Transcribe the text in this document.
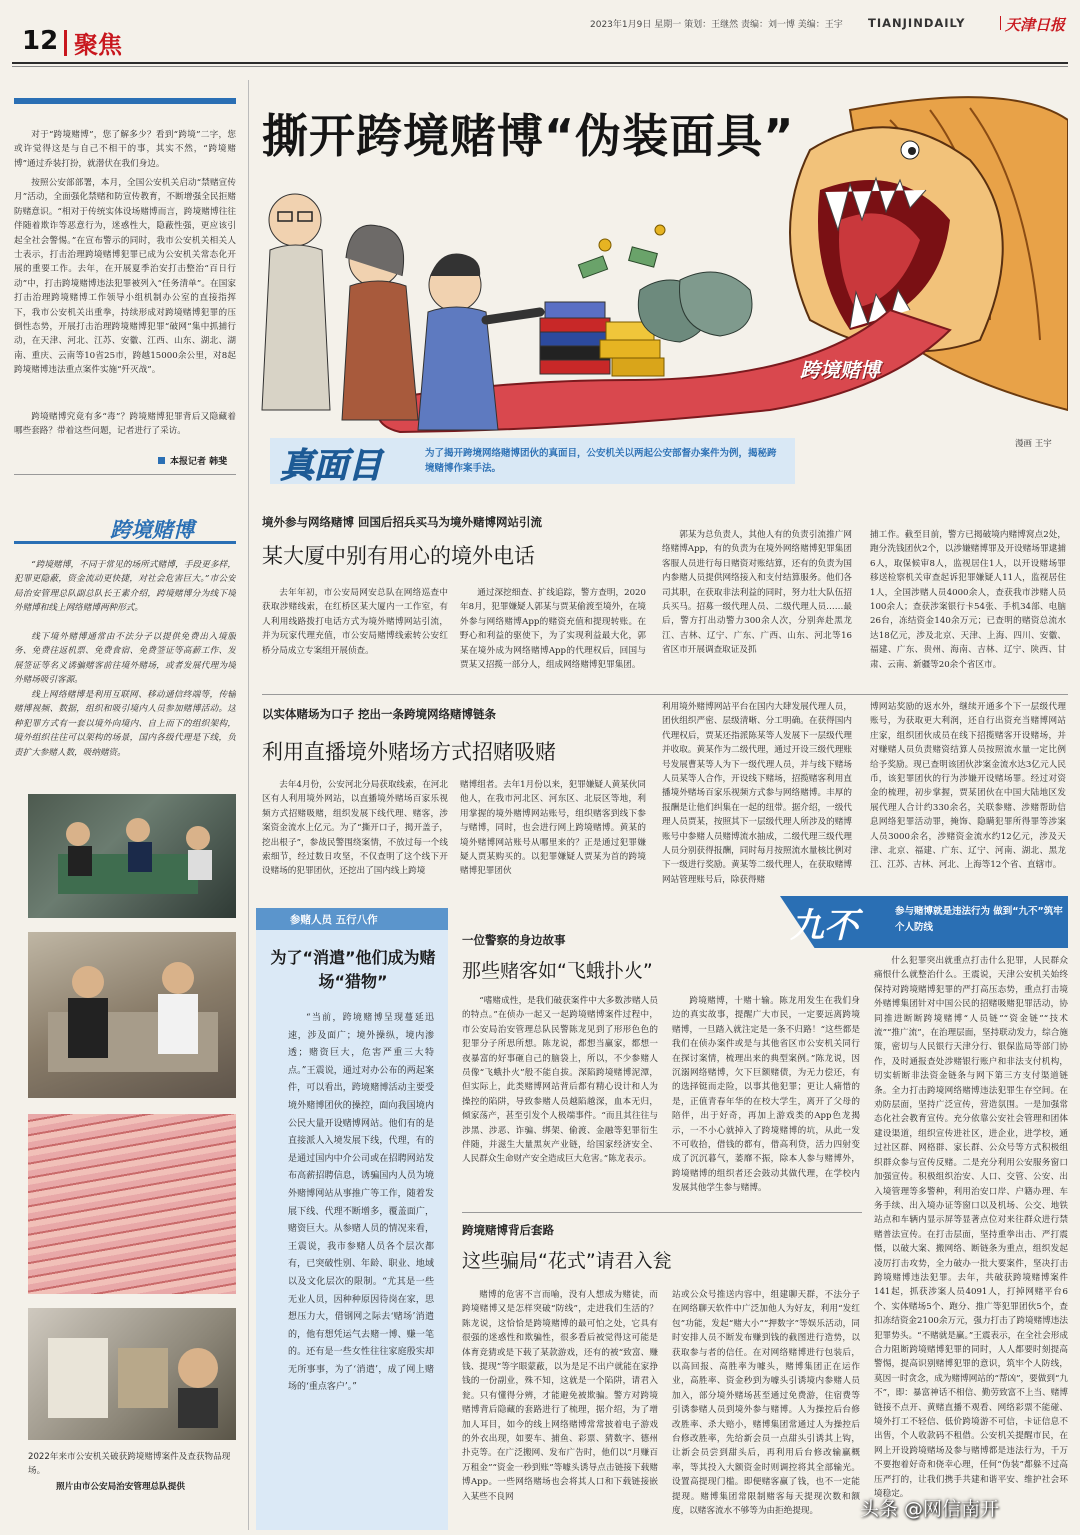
12 聚焦
2023年1月9日 星期一 策划：王继然 责编：刘一博 美编：王宇 TIANJINDAILY	天津日报
对于“跨境赌博”，您了解多少？看到“跨境”二字，您或许觉得这是与自己不相干的事，其实不然，“跨境赌博”通过乔装打扮，就潜伏在我们身边。
按照公安部部署，本月，全国公安机关启动“禁赌宣传月”活动，全面强化禁赌和防宣传教育，不断增强全民拒赌防赌意识。“相对于传统实体设场赌博而言，跨境赌博往往伴随着欺诈等恶意行为，迷惑性大，隐蔽性强，更应该引起全社会警惕。”在宣布警示的同时，我市公安机关相关人士表示，打击治理跨境赌博犯罪已成为公安机关常态化开展的重要工作。去年，在开展夏季治安打击整治“百日行动”中，打击跨境赌博违法犯罪被列入“任务清单”。在国家打击治理跨境赌博工作领导小组机制办公室的直接指挥下，我市公安机关出重拳，持续形成对跨境赌博犯罪的压倒性态势，开展打击治理跨境赌博犯罪“破网”集中抓捕行动，在天津、河北、江苏、安徽、江西、山东、湖北、湖南、重庆、云南等10省25市，跨越15000余公里，对8起跨境赌博违法重点案件实施“歼灭战”。
跨境赌博究竟有多“毒”？跨境赌博犯罪背后又隐藏着哪些套路？带着这些问题，记者进行了采访。
本报记者 韩斐
撕开跨境赌博“伪装面具”
跨境赌博
漫画 王宇
真面目	为了揭开跨境网络赌博团伙的真面目，公安机关以两起公安部督办案件为例，揭秘跨境赌博作案手法。
境外参与网络赌博 回国后招兵买马为境外赌博网站引流
某大厦中别有用心的境外电话
去年年初，市公安局网安总队在网络巡查中获取涉赌线索，在红桥区某大厦内一工作室，有人利用线路拨打电话方式为境外赌博网站引流，并为玩家代理充值，市公安局赌博线索转公安红桥分局成立专案组开展侦查。
通过深挖细查、扩线追踪，警方查明，2020年8月，犯罪嫌疑人郭某与贾某偷渡至境外，在境外参与网络赌博App的赌资充值和提现转账。在野心和利益的驱使下，为了实现利益最大化，郭某在境外成为网络赌博App的代理权后，回国与贾某又招揽一部分人，组成网络赌博犯罪集团。
郭某为总负责人，其他人有的负责引流推广网络赌博App，有的负责为在境外网络赌博犯罪集团客服人员进行每日赌资对账结算，还有的负责为国内参赌人员提供网络接入和支付结算服务。他们各司其职，在获取非法利益的同时，努力壮大队伍招兵买马。招募一级代理人员、二级代理人员……最后，警方打出动警力300余人次，分别奔赴黑龙江、吉林、辽宁、广东、广西、山东、河北等16省区市开展调查取证及抓
捕工作。截至目前，警方已揭破境内赌博窝点2处，跑分洗钱团伙2个，以涉嫌赌博罪及开设赌场罪逮捕6人，取保候审8人，监视居住1人，以开设赌场罪移送检察机关审查起诉犯罪嫌疑人11人，监视居住1人，全国涉赌人员4000余人，查获我市涉赌人员100余人；查获涉案银行卡54张、手机34部、电脑26台，冻结资金140余万元；已查明的赌资总流水达18亿元，涉及北京、天津、上海、四川、安徽、福建、广东、贵州、海南、吉林、辽宁、陕西、甘肃、云南、新疆等20余个省区市。
以实体赌场为口子 挖出一条跨境网络赌博链条
利用直播境外赌场方式招赌吸赌
去年4月份，公安河北分局获取线索，在河北区有人利用境外网站，以直播境外赌场百家乐视频方式招赌吸赌，组织发展下线代理、赌客，涉案资金流水上亿元。为了“撕开口子，揭开盖子，挖出根子”，参战民警围绕案情，不放过每一个线索细节，经过数日攻坚，不仅查明了这个线下开设赌场的犯罪团伙，还挖出了国内线上跨境
赌博组者。去年1月份以来，犯罪嫌疑人黄某伙同他人，在我市河北区、河东区、北辰区等地，利用掌握的境外赌博网站账号，组织赌客到线下参与赌博，同时，也会进行网上跨境赌博。黄某的境外赌博网站账号从哪里来的？正是通过犯罪嫌疑人贾某购买的。以犯罪嫌疑人贾某为首的跨境赌博犯罪团伙
利用境外赌博网站平台在国内大肆发展代理人员，团伙组织严密、层级清晰、分工明确。在获得国内代理权后，贾某还指派陈某等人发展下一层级代理并收取。黄某作为二级代理，通过开设三级代理账号发展曹某等人为下一级代理人员，并与线下赌场人员某等人合作，开设线下赌场，招揽赌客利用直播境外赌场百家乐视频方式参与网络赌博。丰厚的报酬是让他们纠集在一起的纽带。据介绍，一级代理人员贾某，按照其下一层级代理人所涉及的赌博账号中参赌人员赌博流水抽成，二级代理三级代理人员分别获得报酬，同时每月按照流水量核比例对下一级进行奖励。黄某等二级代理人，在获取赌博网站管理账号后，除获得赌
博网站奖励的返水外，继续开通多个下一层级代理账号，为获取更大利润，还自行出资充当赌博网站庄家，组织团伙成员在线下招揽赌客开设赌场，并对赚赌人员负责赌资结算人员按照流水量一定比例给予奖励。现已查明该团伙涉案金流水达3亿元人民币，该犯罪团伙的行为涉嫌开设赌场罪。经过对资金的梳理，初步掌握，贾某团伙在中国大陆地区发展代理人合计约330余名，关联参赌、涉赌帮助信息网络犯罪活动罪，掩饰、隐瞒犯罪所得罪等涉案人员3000余名，涉赌资金流水约12亿元，涉及天津、北京、福建、广东、辽宁、河南、湖北、黑龙江、江苏、吉林、河北、上海等12个省、直辖市。
跨境赌博
“跨境赌博，不同于常见的场所式赌博，手段更多样，犯罪更隐蔽，资金流动更快捷，对社会危害巨大。”市公安局治安管理总队副总队长王素介绍，跨境赌博分为线下境外赌博和线上网络赌博两种形式。
线下境外赌博通常由不法分子以提供免费出入境服务、免费往返机票、免费食宿、免费签证等高薪工作、发展签证等名义诱骗赌客前往境外赌场，或者发展代理为境外赌场吸引客源。
线上网络赌博是利用互联网、移动通信终端等，传输赌博视频、数据，组织和吸引境内人员参加赌博活动。这种犯罪方式有一套以境外向境内、自上而下的组织架构，境外组织往往可以架构的场景，国内各级代理是下线，负责扩大参赌人数，吸纳赌资。
2022年来市公安机关破获跨境赌博案件及查获物品现场。
照片由市公安局治安管理总队提供
参赌人员 五行八作
为了“消遣”他们成为赌场“猎物”
“当前，跨境赌博呈现蔓延迅速，涉及面广；境外操纵，境内渗透；赌资巨大，危害严重三大特点。”王震说，通过对办公布的两起案件，可以看出，跨境赌博活动主要受境外赌博团伙的操控，面向我国境内公民大量开设赌博网站。他们有的是直接派人入境发展下线，代理，有的是通过国内中介公司或在招聘网站发布高薪招聘信息，诱骗国内人员为境外赌博网站从事推广等工作，随着发展下线、代理不断增多，覆盖面广，赌资巨大。从参赌人员的情况来看，王震说，我市参赌人员各个层次都有，已突破性别、年龄、职业、地域以及文化层次的限制。“尤其是一些无业人员，因种种原因待岗在家，思想压力大，借钢网之际去‘赌场’消遣的，他有想凭运气去赌一博、赚一笔的。还有是一些女性往往家庭殷实却无所事事，为了‘消遣’，成了网上赌场的‘重点客户’。”
九不	参与赌博就是违法行为 做到“九不”筑牢个人防线
一位警察的身边故事
那些赌客如“飞蛾扑火”
“嗜赌成性，是我们破获案件中大多数涉赌人员的特点。”在侦办一起又一起跨境赌博案件过程中，市公安局治安管理总队民警陈龙见到了形形色色的犯罪分子所思所想。陈龙说，都想当赢家，都想一夜暴富的好事砸自己的脑袋上，所以，不少参赌人员像“飞蛾扑火”般不能自拔。深陷跨境赌博泥潭，但实际上，此类赌博网站背后都有精心设计和人为操控的陷阱，导致参赌人员越陷越深，血本无归，倾家荡产，甚至引发个人极端事件。“而且其往往与涉黑、涉恶、诈骗、绑架、偷渡、金融等犯罪衍生伴随，并滋生大量黑灰产业链，给国家经济安全、人民群众生命财产安全造成巨大危害。”陈龙表示。
跨境赌博，十赌十输。陈龙用发生在我们身边的真实故事，提醒广大市民，一定要远离跨境赌博，一旦踏入就注定是一条不归路！“这些都是我们在侦办案件或是与其他省区市公安机关同行在探讨案情，梳理出来的典型案例。”陈龙说，因沉溺网络赌博，欠下巨额赌债，为无力偿还，有的选择铤而走险，以事其他犯罪；更让人痛惜的是，正值青春年华的在校大学生，离开了父母的陪伴，出于好奇，再加上游戏类的App色龙揭示，一不小心就掉入了跨境赌博的坑，从此一发不可收拾，借钱的都有，借高利贷，活力四射变成了沉沉暮气，萎靡不振，除本人参与赌博外，跨境赌博的组织者还会鼓动其做代理，在学校内发展其他学生参与赌博。
跨境赌博背后套路
这些骗局“花式”请君入瓮
赌博的危害不言而喻，没有人想成为赌徒，而跨境赌博又是怎样突破“防线”，走进我们生活的？陈龙说，这恰恰是跨境赌博的最可怕之处，它具有很强的迷惑性和欺骗性，很多看后被觉得这可能是体育竞猜或是下载了某款游戏，还有的被“致富、赚钱、提现”等字眼蒙蔽，以为是足不出户就能在家挣钱的一份副业，殊不知，这就是一个陷阱，请君入瓮。只有懂得分辨，才能避免被欺骗。警方对跨境赌博背后隐藏的套路进行了梳理，据介绍，为了增加人耳目，如今的线上网络赌博常常披着电子游戏的外衣出现，如要车、捕鱼、彩票、猜数字、德州扑克等。在广泛搬网、发布广告时，他们以“月赚百万租金”“资金一秒到账”等噱头诱导点击链接下载赌博App。一些网络赌场也会将其人口和下载链接嵌入某些不良网
站或公众号推送内容中，组建聊天群，不法分子在网络聊天软件中广泛加他人为好友，利用“发红包”功能，发起“赌大小”“押数字”等娱乐活动，同时安排人员不断发布赚到钱的截图进行造势，以获取参与者的信任。在对网络赌博进行包装后，以高回报、高胜率为噱头，赌博集团正在运作业，高胜率、资金秒到为噱头引诱境内参赌人员加入，部分境外赌场甚至通过免费游，住宿费等引诱参赌人员到境外参与赌博。人为操控后台修改胜率、杀大赔小，赌博集团常通过人为操控后台修改胜率，先给新会员一点甜头引诱其上钩，让新会员尝到甜头后，再利用后台修改输赢概率，等其投入大额资金时则调控将其全部输光。设置高提现门槛。即便赌客赢了钱，也不一定能提现。赌博集团常限制赌客每天提现次数和额度，以赌客流水不够等为由拒绝提现。
什么犯罪突出就重点打击什么犯罪，人民群众痛恨什么就整治什么。王震说，天津公安机关始终保持对跨境赌博犯罪的严打高压态势，重点打击境外赌博集团针对中国公民的招赌吸赌犯罪活动，协同推进断断跨境赌博“人员链”“资金链”“技术流”“推广流”，在治理层面，坚持联动发力，综合施策，密切与人民银行天津分行、银保监局等部门协作，及时通报查处涉赌银行账户和非法支付机构，切实斩断非法资金链条与网下第三方支付渠道链条。全力打击跨境网络赌博违法犯罪生存空间。在劝防层面，坚持广泛宣传，营造氛围。一是加强常态化社会教育宣传。充分依靠公安社会管理和团体建设渠道，组织宣传进社区，进企业，进学校，通过社区群、网格群、家长群、公众号等方式积极组织群众参与宣传反赌。二是充分利用公安服务窗口加强宣传。积极组织治安、人口、交管、公安、出入境管理等多警种，利用治安口岸、户籍办理、车务手续、出入境办证等窗口以及机场、公交、地铁站点和车辆内显示屏等显著点位对来往群众进行禁赌普法宣传。在打击层面，坚持重拳出击、严打震慑，以破大案、搬网络、断链条为重点，组织发起凌厉打击攻势，全力破办一批大要案件，坚决打击跨境赌博违法犯罪。去年，共破获跨境赌博案件141起，抓获涉案人员4091人，打掉网赌平台6个、实体赌场5个、跑分、推广等犯罪团伙5个，查扣冻结资金2100余万元，强力打击了跨境赌博违法犯罪势头。“不赌就是赢。”王震表示，在全社会形成合力阻断跨境赌博犯罪的同时，人人都要时刻提高警惕，提高识别赌博犯罪的意识，筑牢个人防线，莫因一时贪念，成为赌博网站的“帮凶”，要做到“九不”，即：暴富神话不相信、勤劳致富不上当、赌博链接不点开、黄赌直播不观看、网络彩票不能碰、境外打工不轻信、低价跨境游不可信，卡证信息不出售，个人收款码不租借。公安机关提醒市民，在网上开设跨境赌场及参与赌博都是违法行为，千万不要抱着好奇和侥幸心理，任何“伪装”都躲不过高压严打的，让我们携手共建和谐平安、维护社会环境稳定。
头条 @网信南开
